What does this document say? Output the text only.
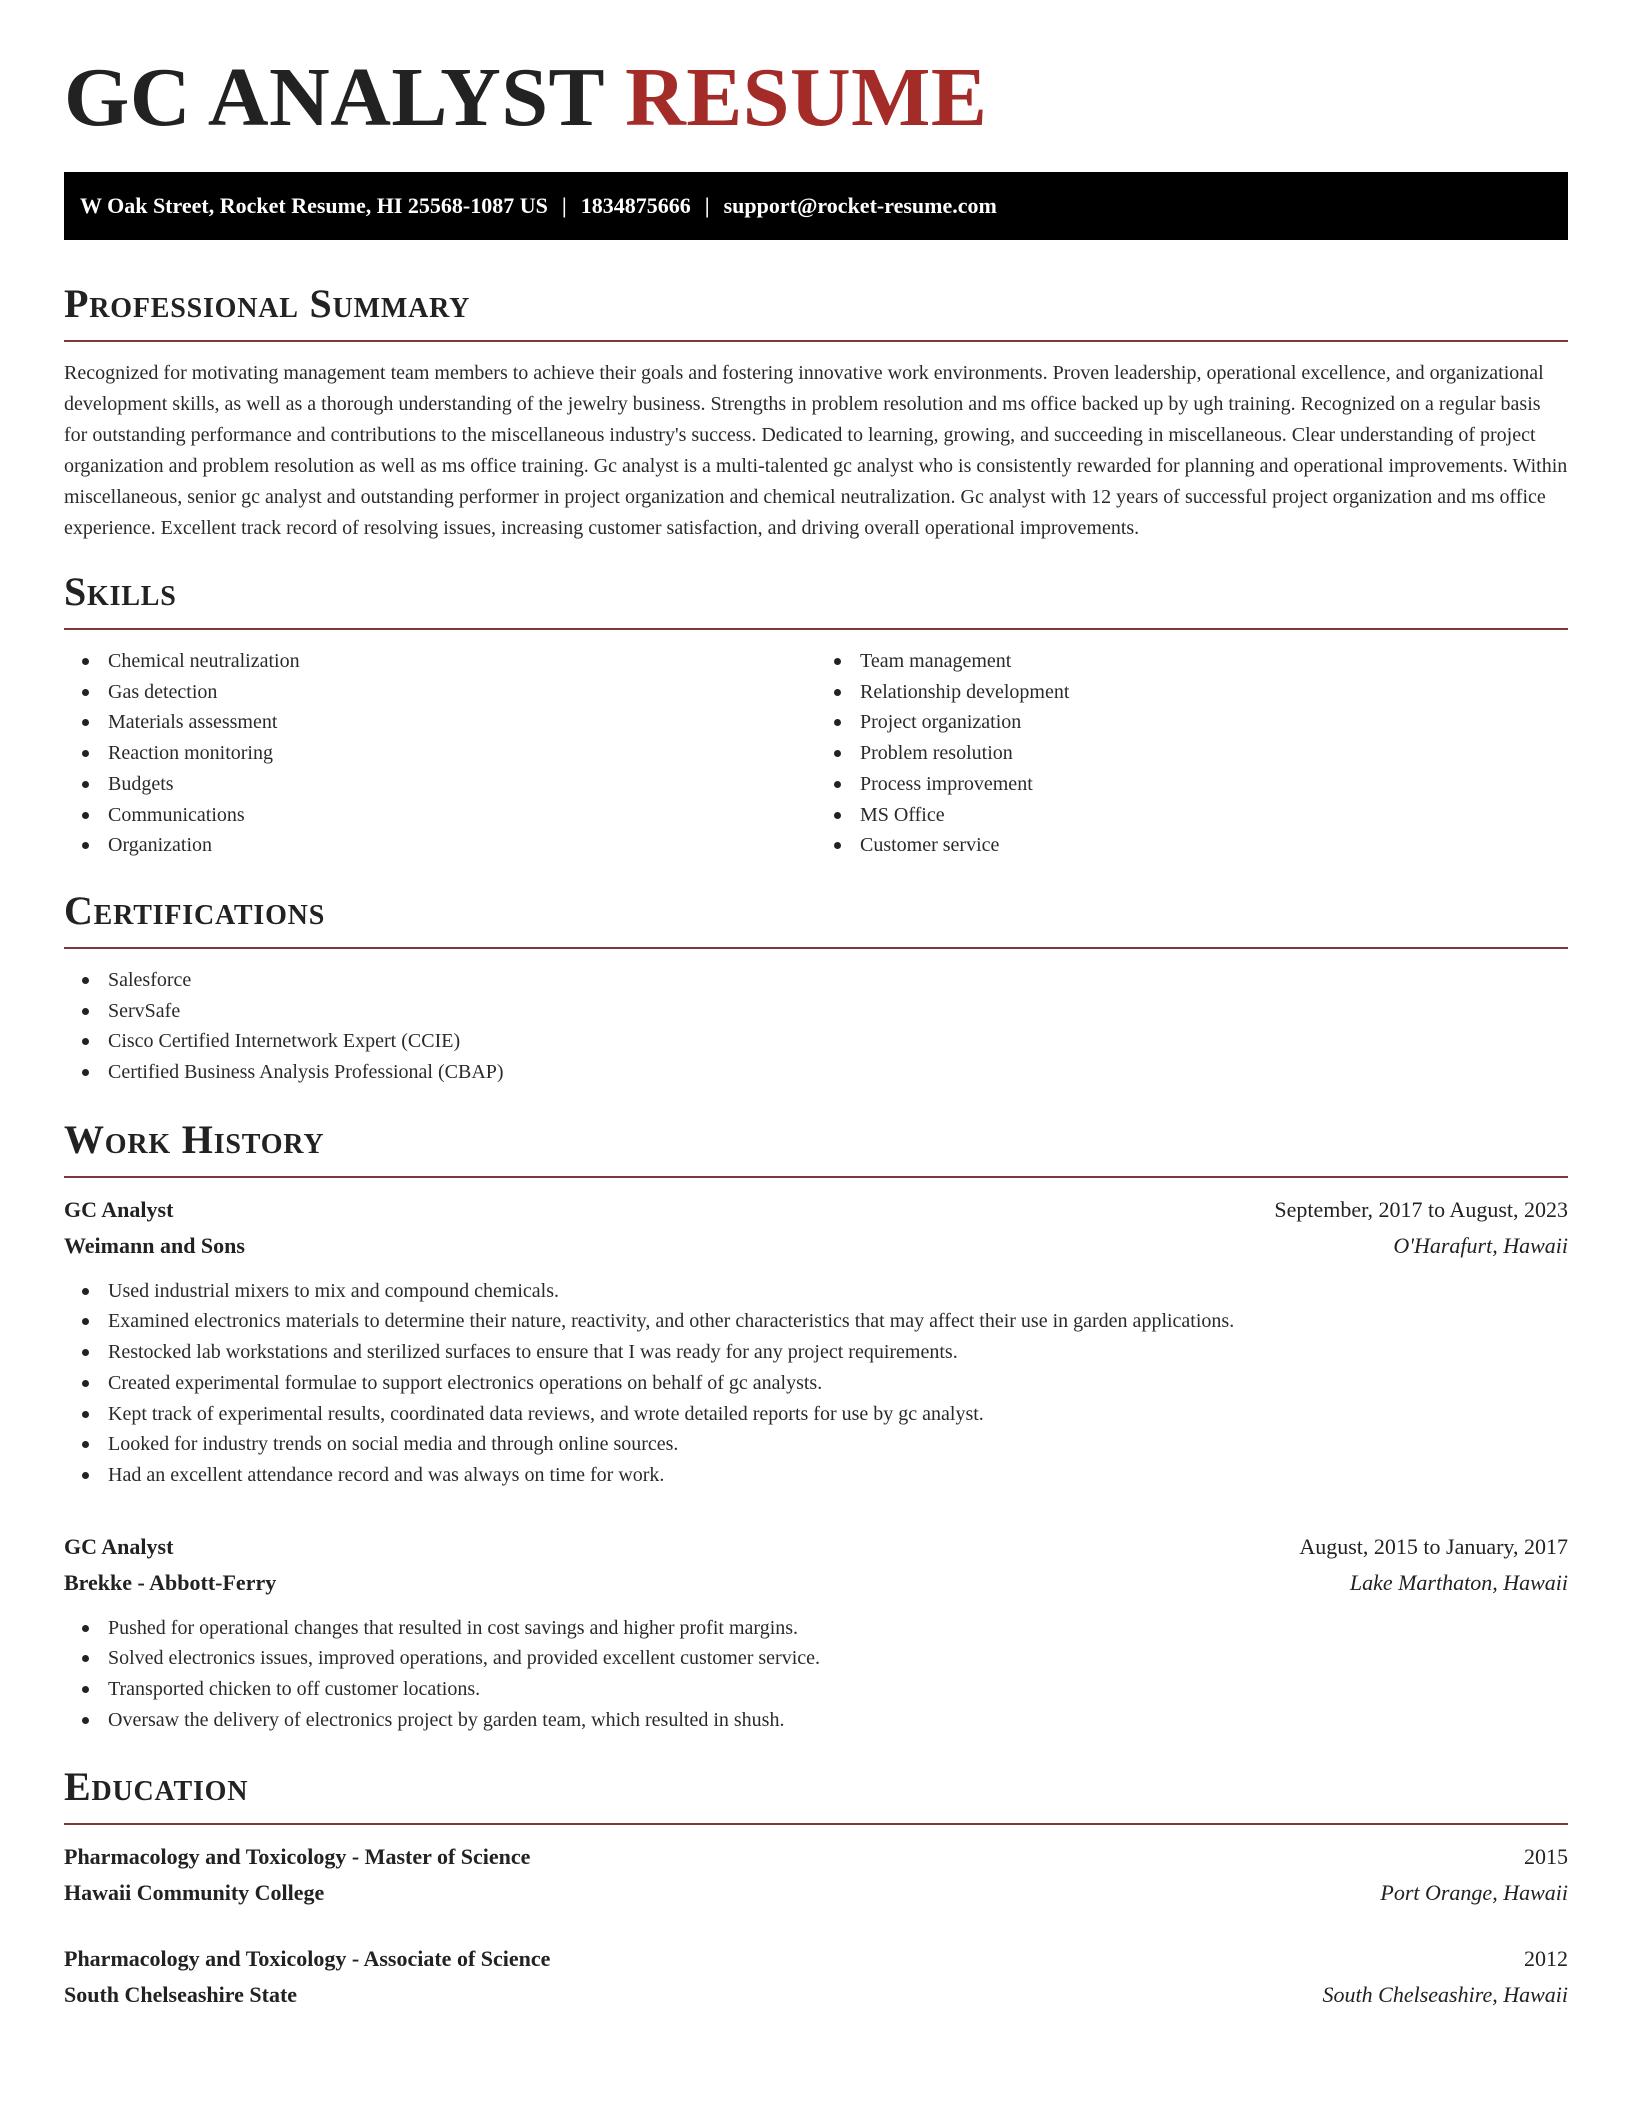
GC ANALYST RESUME
W Oak Street, Rocket Resume, HI 25568-1087 US | 1834875666 | support@rocket-resume.com
Professional Summary

Recognized for motivating management team members to achieve their goals and fostering innovative work environments. Proven leadership, operational excellence, and organizational development skills, as well as a thorough understanding of the jewelry business. Strengths in problem resolution and ms office backed up by ugh training. Recognized on a regular basis for outstanding performance and contributions to the miscellaneous industry's success. Dedicated to learning, growing, and succeeding in miscellaneous. Clear understanding of project organization and problem resolution as well as ms office training. Gc analyst is a multi-talented gc analyst who is consistently rewarded for planning and operational improvements. Within miscellaneous, senior gc analyst and outstanding performer in project organization and chemical neutralization. Gc analyst with 12 years of successful project organization and ms office experience. Excellent track record of resolving issues, increasing customer satisfaction, and driving overall operational improvements.

Skills
Chemical neutralization
Gas detection
Materials assessment
Reaction monitoring
Budgets
Communications
Organization
Team management
Relationship development
Project organization
Problem resolution
Process improvement
MS Office
Customer service
Certifications
Salesforce
ServSafe
Cisco Certified Internetwork Expert (CCIE)
Certified Business Analysis Professional (CBAP)
Work History
GC Analyst	September, 2017 to August, 2023
Weimann and Sons	O'Harafurt, Hawaii
Used industrial mixers to mix and compound chemicals.
Examined electronics materials to determine their nature, reactivity, and other characteristics that may affect their use in garden applications.
Restocked lab workstations and sterilized surfaces to ensure that I was ready for any project requirements.
Created experimental formulae to support electronics operations on behalf of gc analysts.
Kept track of experimental results, coordinated data reviews, and wrote detailed reports for use by gc analyst.
Looked for industry trends on social media and through online sources.
Had an excellent attendance record and was always on time for work.
GC Analyst	August, 2015 to January, 2017
Brekke - Abbott-Ferry	Lake Marthaton, Hawaii
Pushed for operational changes that resulted in cost savings and higher profit margins.
Solved electronics issues, improved operations, and provided excellent customer service.
Transported chicken to off customer locations.
Oversaw the delivery of electronics project by garden team, which resulted in shush.
Education
Pharmacology and Toxicology - Master of Science	2015
Hawaii Community College	Port Orange, Hawaii
Pharmacology and Toxicology - Associate of Science	2012
South Chelseashire State	South Chelseashire, Hawaii
